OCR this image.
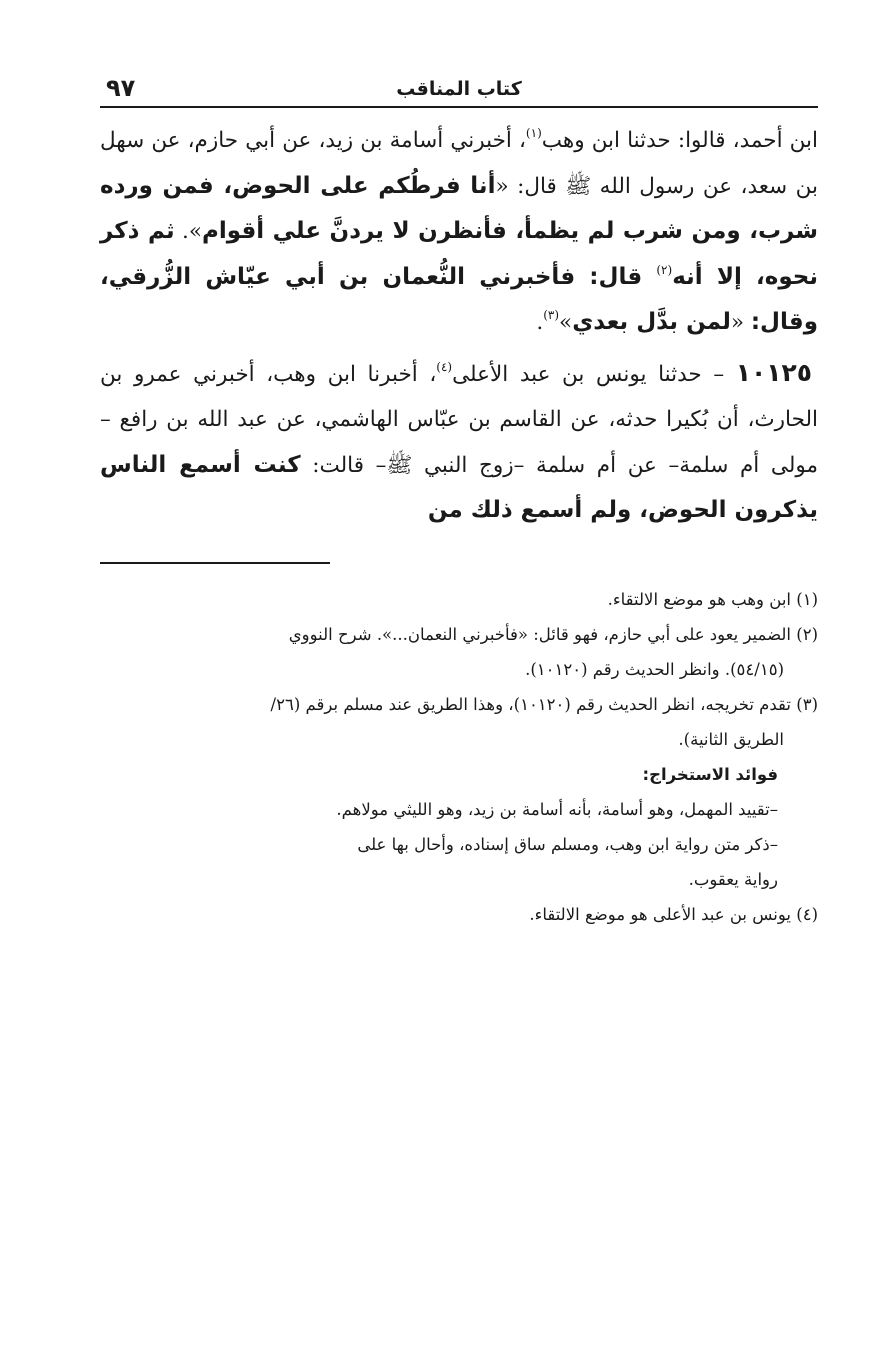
كتاب المناقب
٩٧

ابن أحمد، قالوا: حدثنا ابن وهب$^{(١)}$، أخبرني أسامة بن زيد، عن أبي حازم، عن سهل بن سعد، عن رسول الله ﷺ قال: «أنا فرطُكم على الحوض، فمن ورده شرب، ومن شرب لم يظمأ، فأنظرن لا يردنَّ علي أقوام». ثم ذكر نحوه، إلا أنه$^{(٢)}$ قال: فأخبرني النُّعمان بن أبي عيّاش الزُّرقي، وقال: «لمن بدَّل بعدي»$^{(٣)}$.

١٠١٢٥ – حدثنا يونس بن عبد الأعلى$^{(٤)}$، أخبرنا ابن وهب، أخبرني عمرو بن الحارث، أن بُكيرا حدثه، عن القاسم بن عبّاس الهاشمي، عن عبد الله بن رافع –مولى أم سلمة– عن أم سلمة –زوج النبي ﷺ– قالت: كنت أسمع الناس يذكرون الحوض، ولم أسمع ذلك من

(١) ابن وهب هو موضع الالتقاء.

(٢) الضمير يعود على أبي حازم، فهو قائل: «فأخبرني النعمان...». شرح النووي

(٥٤/١٥). وانظر الحديث رقم (١٠١٢٠).

(٣) تقدم تخريجه، انظر الحديث رقم (١٠١٢٠)، وهذا الطريق عند مسلم برقم (٢٦/

الطريق الثانية).

فوائد الاستخراج:

–تقييد المهمل، وهو أسامة، بأنه أسامة بن زيد، وهو الليثي مولاهم.

–ذكر متن رواية ابن وهب، ومسلم ساق إسناده، وأحال بها على

رواية يعقوب.

(٤) يونس بن عبد الأعلى هو موضع الالتقاء.
